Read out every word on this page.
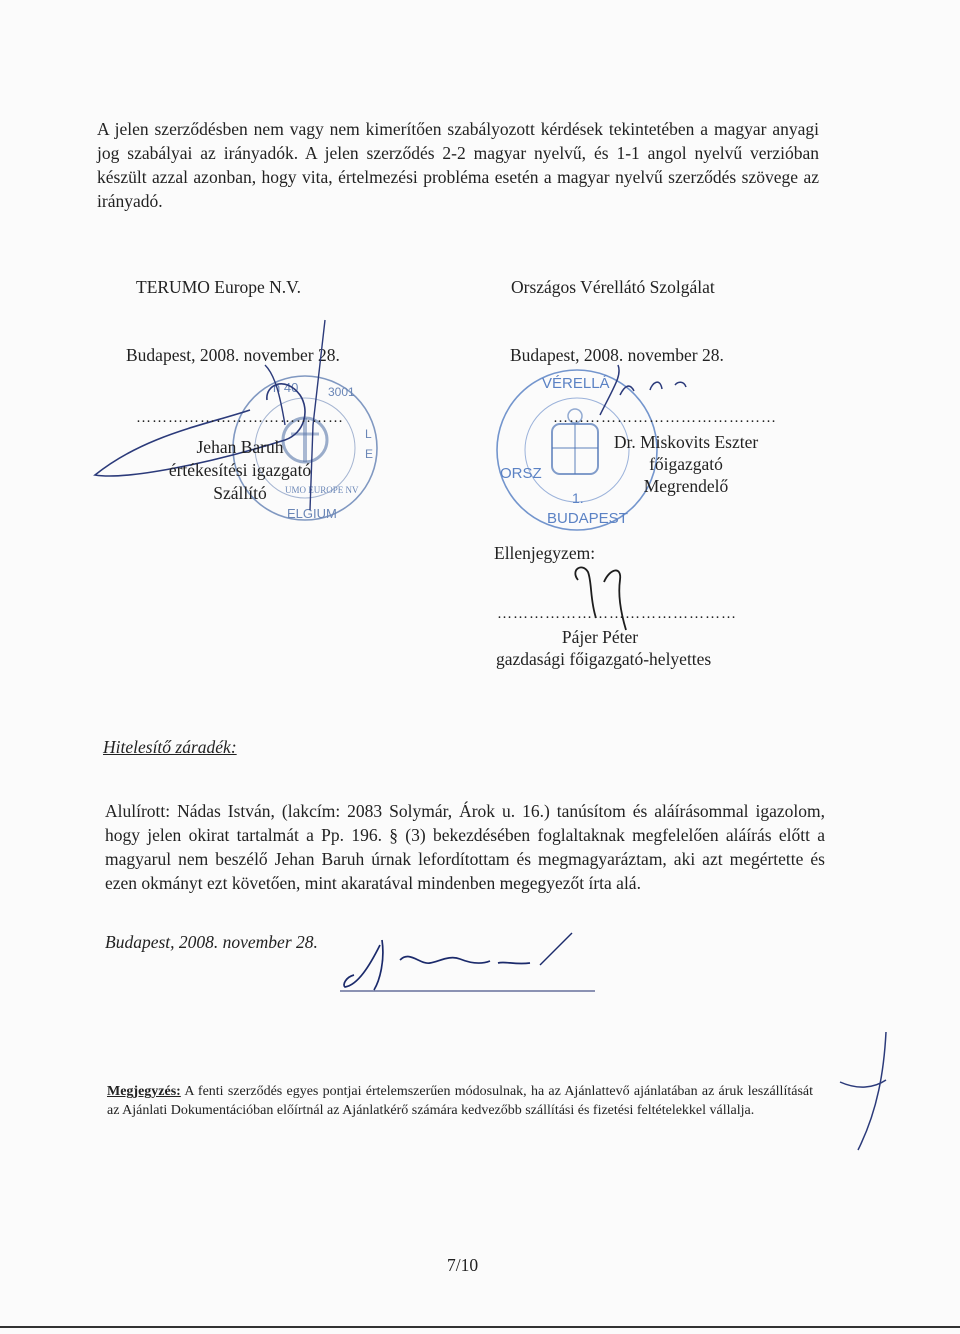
A jelen szerződésben nem vagy nem kimerítően szabályozott kérdések tekintetében a magyar anyagi jog szabályai az irányadók. A jelen szerződés 2-2 magyar nyelvű, és 1-1 angol nyelvű verzióban készült azzal azonban, hogy vita, értelmezési probléma esetén a magyar nyelvű szerződés szövege az irányadó.
TERUMO Europe N.V.	Országos Vérellátó Szolgálat
Budapest, 2008. november 28.	Budapest, 2008. november 28.
n 40 3001
L
E
ELGIUM
UMO EUROPE NV
…………………………………
Jehan Baruh
értékesítési igazgató
Szállító
VÉRELLÁ
ORSZ
BUDAPEST
1.
……………………………………
Dr. Miskovits Eszter
főigazgató
Megrendelő
Ellenjegyzem:
………………………………………
Pájer Péter
gazdasági főigazgató-helyettes
Hitelesítő záradék:
Alulírott: Nádas István, (lakcím: 2083 Solymár, Árok u. 16.) tanúsítom és aláírásommal igazolom, hogy jelen okirat tartalmát a Pp. 196. § (3) bekezdésében foglaltaknak megfelelően aláírás előtt a magyarul nem beszélő Jehan Baruh úrnak lefordítottam és megmagyaráztam, aki azt megértette és ezen okmányt ezt követően, mint akaratával mindenben megegyezőt írta alá.
Budapest, 2008. november 28.
Megjegyzés: A fenti szerződés egyes pontjai értelemszerűen módosulnak, ha az Ajánlattevő ajánlatában az áruk leszállítását az Ajánlati Dokumentációban előírtnál az Ajánlatkérő számára kedvezőbb szállítási és fizetési feltételekkel vállalja.
7/10
